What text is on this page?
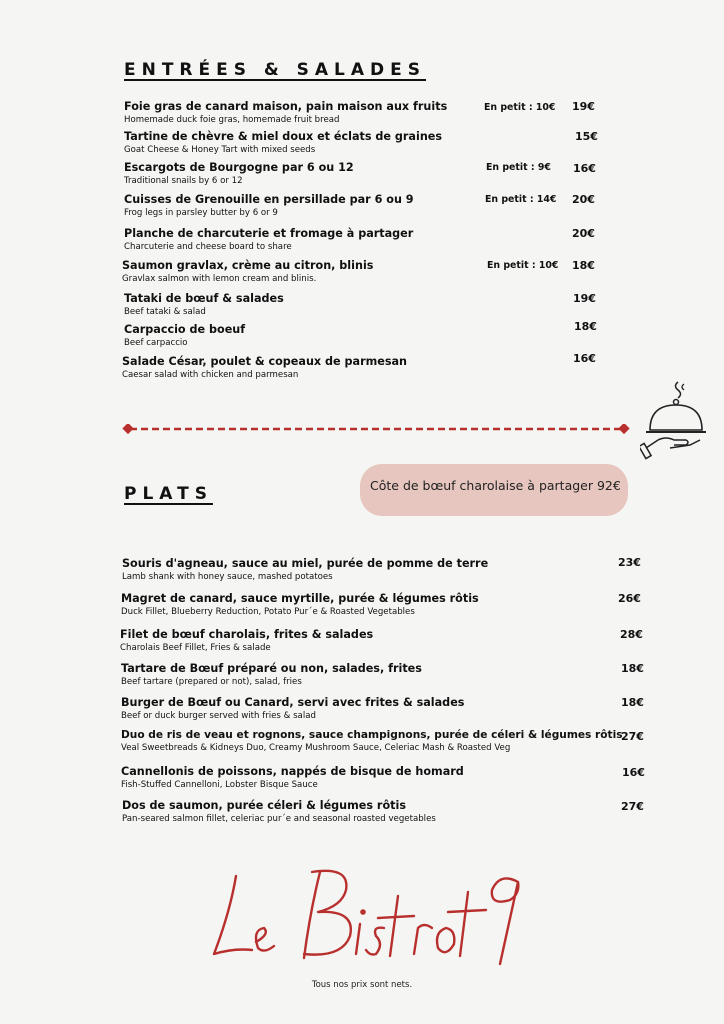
ENTRÉES & SALADES
Foie gras de canard maison, pain maison aux fruits
Homemade duck foie gras, homemade fruit bread
En petit : 10€ 19€
Tartine de chèvre & miel doux et éclats de graines
Goat Cheese & Honey Tart with mixed seeds
15€
Escargots de Bourgogne par 6 ou 12
Traditional snails by 6 or 12
En petit : 9€ 16€
Cuisses de Grenouille en persillade par 6 ou 9
Frog legs in parsley butter by 6 or 9
En petit : 14€ 20€
Planche de charcuterie et fromage à partager
Charcuterie and cheese board to share
20€
Saumon gravlax, crème au citron, blinis
Gravlax salmon with lemon cream and blinis.
En petit : 10€ 18€
Tataki de bœuf & salades
Beef tataki & salad
19€
Carpaccio de boeuf
Beef carpaccio
18€
Salade César, poulet & copeaux de parmesan
Caesar salad with chicken and parmesan
16€
PLATS	Côte de bœuf charolaise à partager 92€
Souris d'agneau, sauce au miel, purée de pomme de terre
Lamb shank with honey sauce, mashed potatoes
23€
Magret de canard, sauce myrtille, purée & légumes rôtis
Duck Fillet, Blueberry Reduction, Potato Pur´e & Roasted Vegetables
26€
Filet de bœuf charolais, frites & salades
Charolais Beef Fillet, Fries & salade
28€
Tartare de Bœuf préparé ou non, salades, frites
Beef tartare (prepared or not), salad, fries
18€
Burger de Bœuf ou Canard, servi avec frites & salades
Beef or duck burger served with fries & salad
18€
Duo de ris de veau et rognons, sauce champignons, purée de céleri & légumes rôtis
Veal Sweetbreads & Kidneys Duo, Creamy Mushroom Sauce, Celeriac Mash & Roasted Veg
27€
Cannellonis de poissons, nappés de bisque de homard
Fish-Stuffed Cannelloni, Lobster Bisque Sauce
16€
Dos de saumon, purée céleri & légumes rôtis
Pan-seared salmon fillet, celeriac pur´e and seasonal roasted vegetables
27€
Tous nos prix sont nets.
